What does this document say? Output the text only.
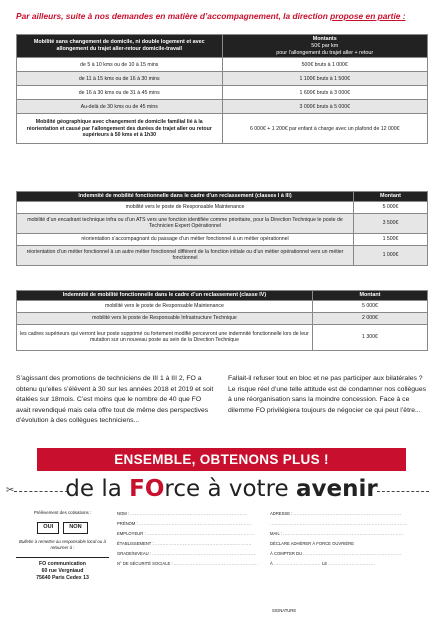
Par ailleurs, suite à nos demandes en matière d’accompagnement, la direction propose en partie :
Mobilité sans changement de domicile, ni double logement et avec allongement du trajet aller-retour domicile-travail	Montants
50€ par km
pour l’allongement du trajet aller + retour
de 5 à 10 kms ou de 10 à 15 mins	500€ bruts à 1 000€
de 11 à 15 kms ou de 16 à 30 mins	1 100€ bruts à 1 500€
de 16 à 30 kms ou de 31 à 45 mins	1 600€ bruts à 3 000€
Au-delà de 30 kms ou de 45 mins	3 000€ bruts à 5 000€
Mobilité géographique avec changement de domicile familial lié à la réorientation et causé par l’allongement des durées de trajet aller ou retour supérieurs à 50 kms et à 1h30	6 000€ + 1 200€ par enfant à charge avec un plafond de 12 000€
Indemnité de mobilité fonctionnelle dans le cadre d’un reclassement (classes I à III)	Montant
mobilité vers le poste de Responsable Maintenance	5 000€
mobilité d’un encadrant technique infra ou d’un ATS vers une fonction identifiée comme prioritaire, pour la Direction Technique le poste de Technicien Expert Opérationnel	3 500€
réorientation s’accompagnant du passage d’un métier fonctionnel à un métier opérationnel	1 500€
réorientation d’un métier fonctionnel à un autre métier fonctionnel différent de la fonction initiale ou d’un métier opérationnel vers un métier fonctionnel	1 000€
Indemnité de mobilité fonctionnelle dans le cadre d’un reclassement (classe IV)	Montant
mobilité vers le poste de Responsable Maintenance	5 000€
mobilité vers le poste de Responsable Infrastructure Technique	2 000€
les cadres supérieurs qui verront leur poste supprimé ou fortement modifié percevront une indemnité fonctionnelle lors de leur mutation sur un nouveau poste au sein de la Direction Technique	1 300€
S’agissant des promotions de techniciens de III 1 à III 2, FO a obtenu qu’elles s’élèvent à 30 sur les années 2018 et 2019 et soit étalées sur 18mois. C’est moins que le nombre de 40 que FO avait revendiqué mais cela offre tout de même des perspectives d’évolution à des collègues techniciens...
Fallait-il refuser tout en bloc et ne pas participer aux bilatérales ? Le risque réel d’une telle attitude est de condamner nos collègues à une réorganisation sans la moindre concession. Face à ce dilemme FO privilégiera toujours de négocier ce qui peut l’être...
ENSEMBLE, OBTENONS PLUS !
✂	de la FOrce à votre avenir
Prélèvement des cotisations :
OUI	NON
Bulletin à remettre au responsable local ou à retourner à :
FO communication
60 rue Vergniaud
75640 Paris Cedex 13
NOM : ...........................................................................	ADRESSE : .....................................................................
PRÉNOM : ........................................................................	........................................................................................
EMPLOYEUR : .....................................................................	MAIL : .............................................................................
ÉTABLISSEMENT : ..............................................................	DÉCLARE ADHÉRER À FORCE OUVRIÈRE
GRADE/NIVEAU : ...................................................................	À COMPTER DU ...............................................................
N° DE SÉCURITÉ SOCIALE : ......................................................	À .............................. LE ..............................
SIGNATURE
